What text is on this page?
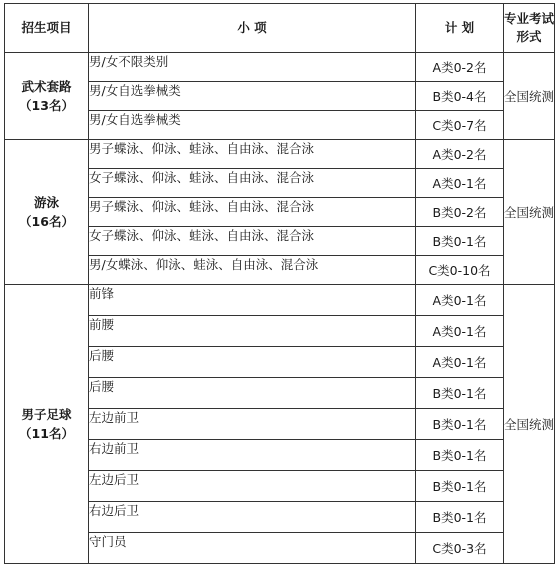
招生项目	小 项	计 划	专业考试形式

武术套路
（13名）	男/女不限类别	A类0-2名	全国统测
	男/女自选拳械类	B类0-4名	
	男/女自选拳械类	C类0-7名	

游泳
（16名）	男子蝶泳、仰泳、蛙泳、自由泳、混合泳	A类0-2名	全国统测
	女子蝶泳、仰泳、蛙泳、自由泳、混合泳	A类0-1名	
	男子蝶泳、仰泳、蛙泳、自由泳、混合泳	B类0-2名	
	女子蝶泳、仰泳、蛙泳、自由泳、混合泳	B类0-1名	
	男/女蝶泳、仰泳、蛙泳、自由泳、混合泳	C类0-10名	

男子足球
（11名）	前锋	A类0-1名	全国统测
	前腰	A类0-1名	
	后腰	A类0-1名	
	后腰	B类0-1名	
	左边前卫	B类0-1名	
	右边前卫	B类0-1名	
	左边后卫	B类0-1名	
	右边后卫	B类0-1名	
	守门员	C类0-3名	
